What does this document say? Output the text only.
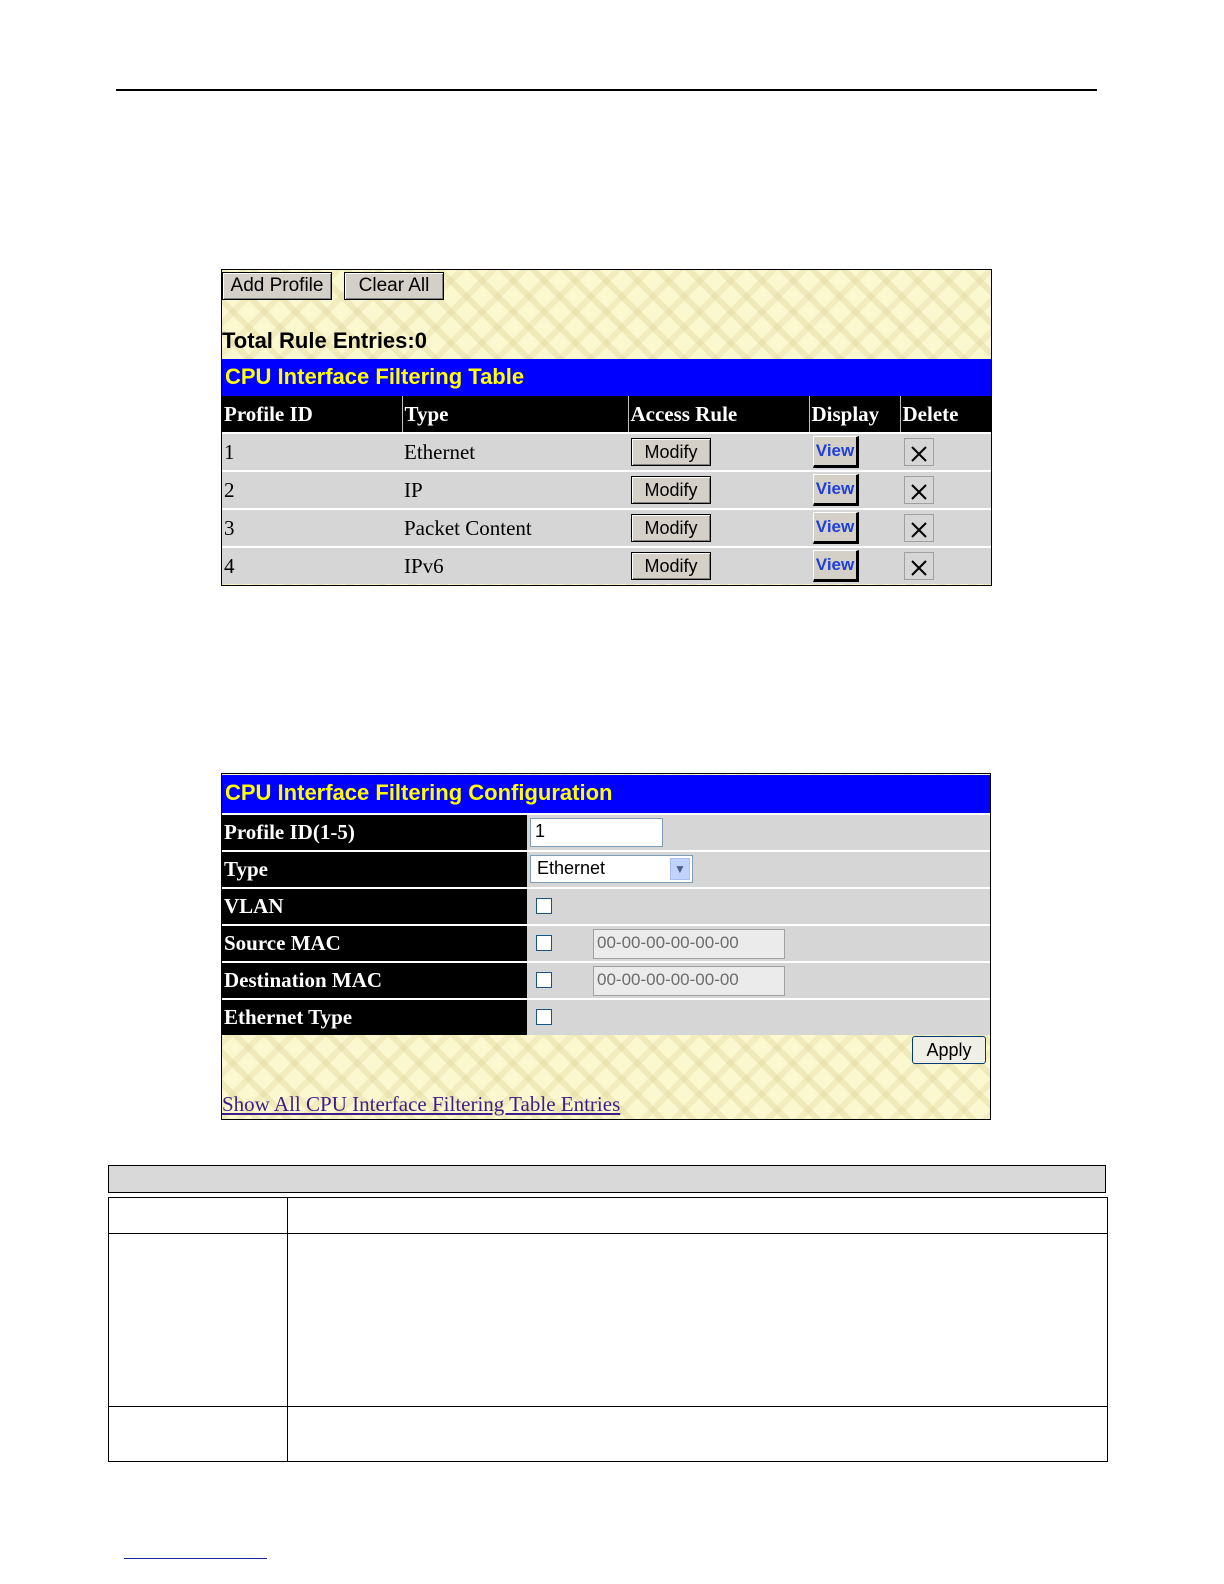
Add Profile	Clear All
Total Rule Entries:0
CPU Interface Filtering Table
Profile ID	Type	Access Rule	Display	Delete
1	Ethernet	Modify	View	
2	IP	Modify	View	
3	Packet Content	Modify	View	
4	IPv6	Modify	View	
CPU Interface Filtering Configuration
Profile ID(1-5)	1

Type	Ethernet ▼

VLAN	

Source MAC	00-00-00-00-00-00

Destination MAC	00-00-00-00-00-00

Ethernet Type	
Apply
Show All CPU Interface Filtering Table Entries
